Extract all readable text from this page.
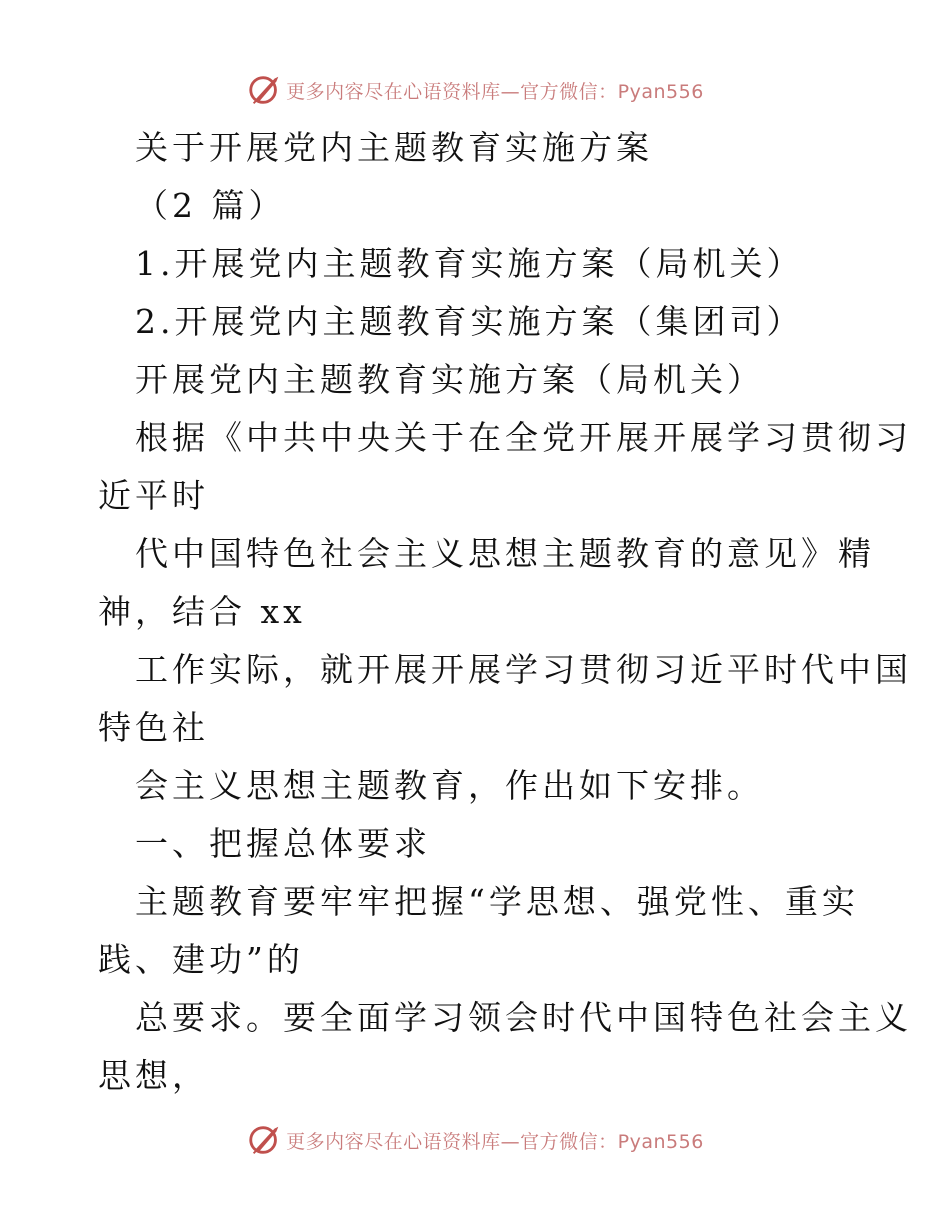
更多内容尽在心语资料库—官方微信：Pyan556
关于开展党内主题教育实施方案
（2 篇）
1.开展党内主题教育实施方案（局机关）
2.开展党内主题教育实施方案（集团司）
开展党内主题教育实施方案（局机关）
根据《中共中央关于在全党开展开展学习贯彻习
近平时
代中国特色社会主义思想主题教育的意见》精
神，结合 xx
工作实际，就开展开展学习贯彻习近平时代中国
特色社
会主义思想主题教育，作出如下安排。
一、把握总体要求
主题教育要牢牢把握“学思想、强党性、重实
践、建功”的
总要求。要全面学习领会时代中国特色社会主义
思想，
更多内容尽在心语资料库—官方微信：Pyan556
